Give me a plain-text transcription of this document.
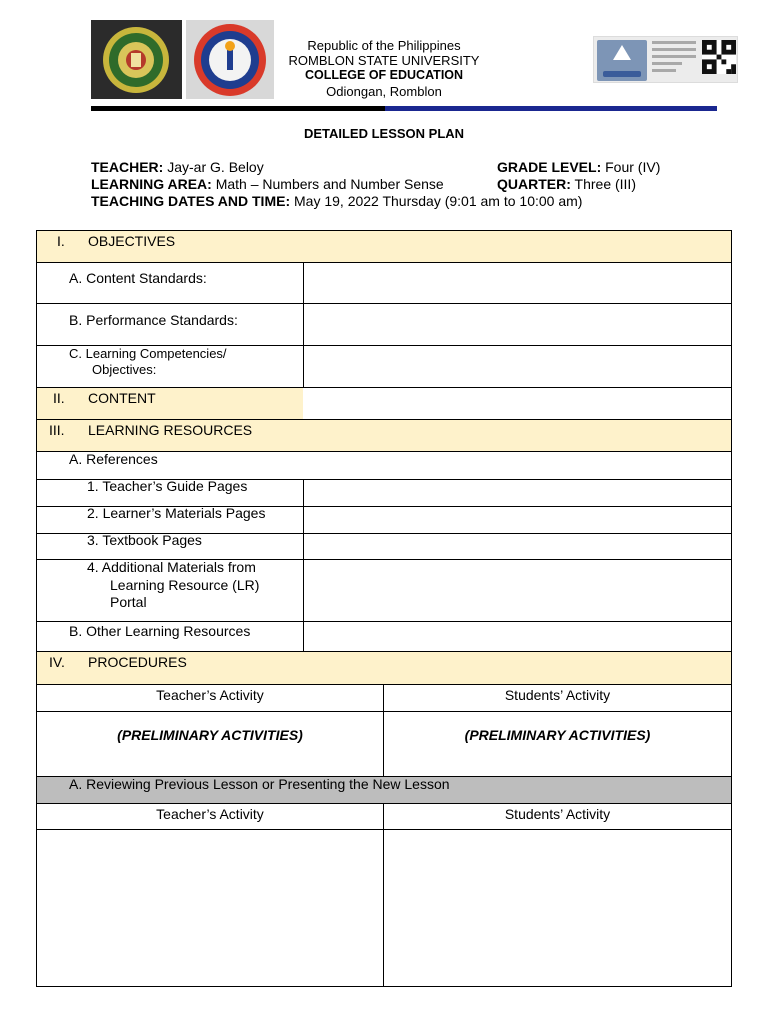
Republic of the Philippines
ROMBLON STATE UNIVERSITY
COLLEGE OF EDUCATION
Odiongan, Romblon
DETAILED LESSON PLAN
TEACHER: Jay-ar G. Beloy
LEARNING AREA: Math – Numbers and Number Sense
TEACHING DATES AND TIME: May 19, 2022 Thursday (9:01 am to 10:00 am)
GRADE LEVEL: Four (IV)
QUARTER: Three (III)
I. OBJECTIVES
A. Content Standards:
B. Performance Standards:
C. Learning Competencies/
Objectives:
II. CONTENT
III. LEARNING RESOURCES
A. References
1. Teacher’s Guide Pages
2. Learner’s Materials Pages
3. Textbook Pages
4. Additional Materials from
Learning Resource (LR)
Portal
B. Other Learning Resources
IV. PROCEDURES
Teacher’s Activity	Students’ Activity
(PRELIMINARY ACTIVITIES)	(PRELIMINARY ACTIVITIES)
A. Reviewing Previous Lesson or Presenting the New Lesson
Teacher’s Activity	Students’ Activity
